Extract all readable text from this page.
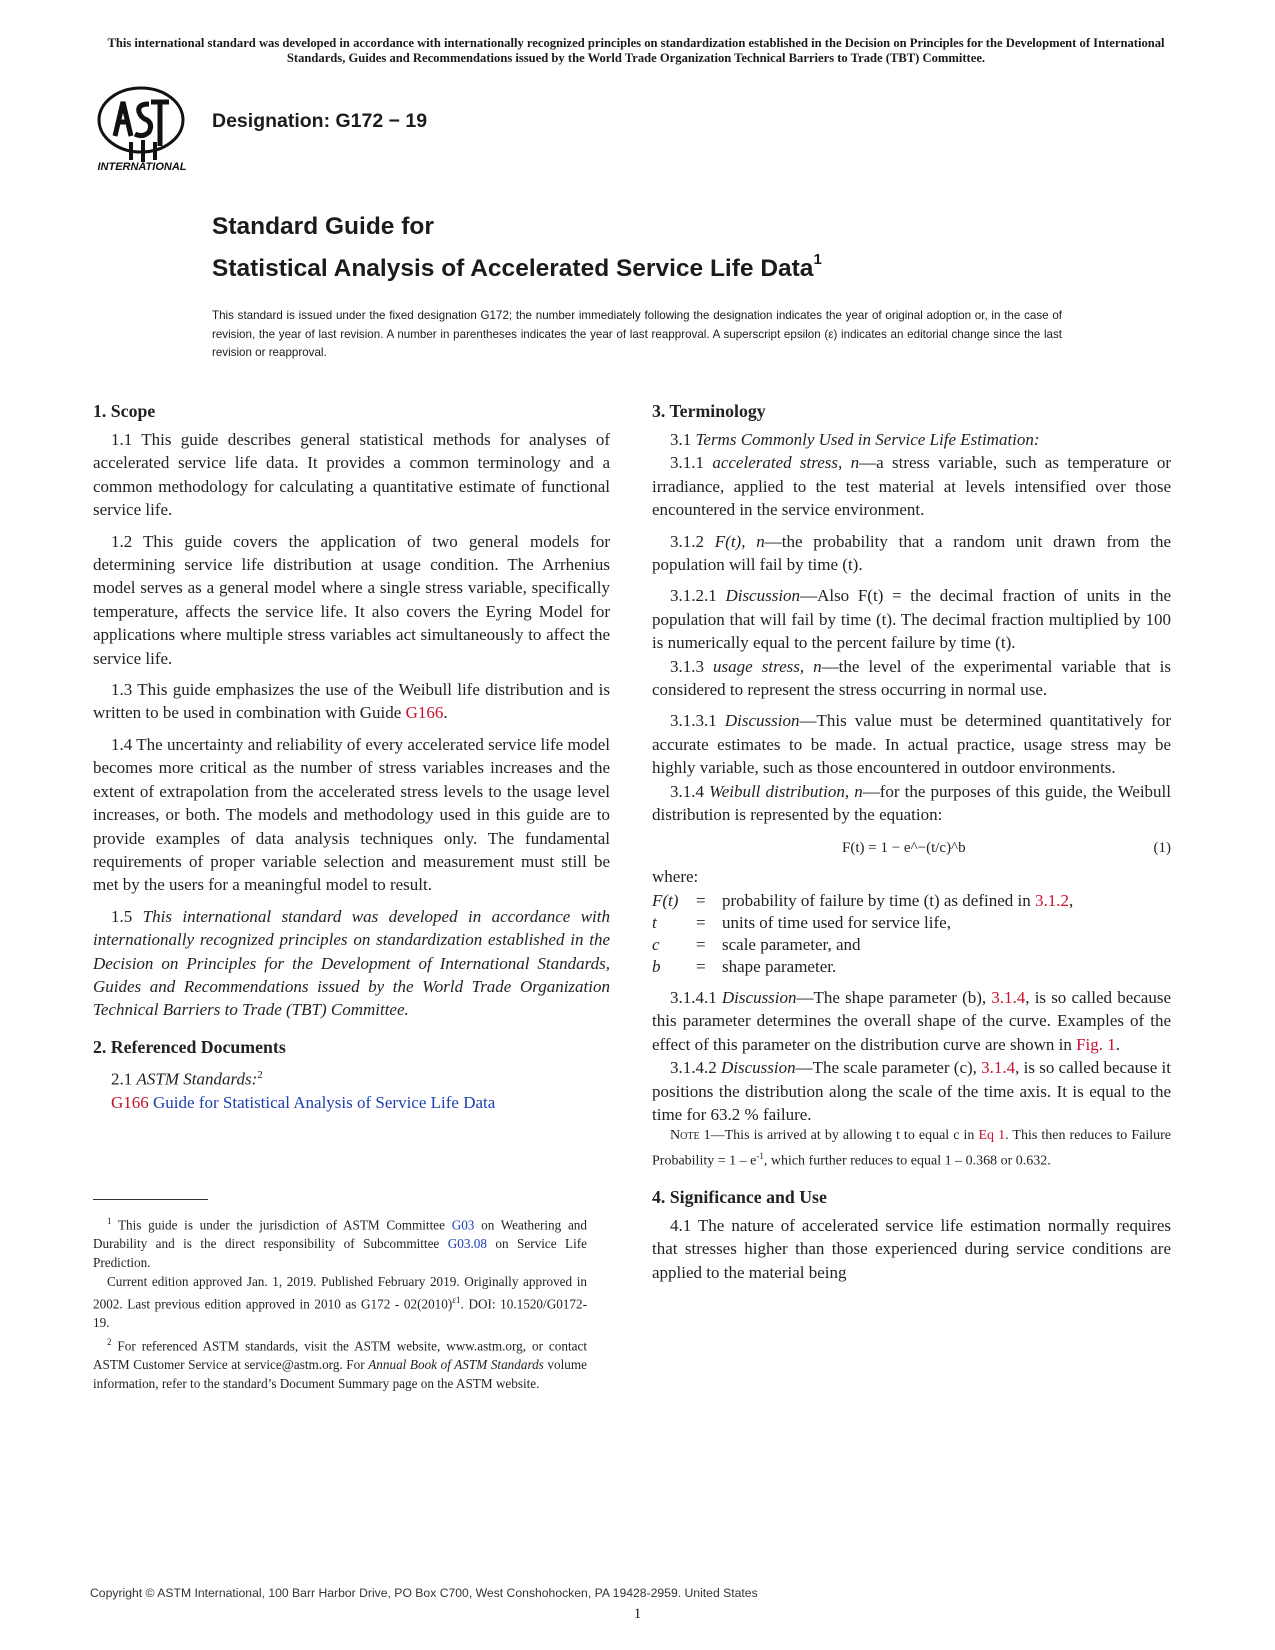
This international standard was developed in accordance with internationally recognized principles on standardization established in the Decision on Principles for the Development of International Standards, Guides and Recommendations issued by the World Trade Organization Technical Barriers to Trade (TBT) Committee.
INTERNATIONAL
Designation: G172 − 19
Standard Guide for
Statistical Analysis of Accelerated Service Life Data$^1$
This standard is issued under the fixed designation G172; the number immediately following the designation indicates the year of original adoption or, in the case of revision, the year of last revision. A number in parentheses indicates the year of last reapproval. A superscript epsilon (ε) indicates an editorial change since the last revision or reapproval.
1. Scope

1.1 This guide describes general statistical methods for analyses of accelerated service life data. It provides a common terminology and a common methodology for calculating a quantitative estimate of functional service life.

1.2 This guide covers the application of two general models for determining service life distribution at usage condition. The Arrhenius model serves as a general model where a single stress variable, specifically temperature, affects the service life. It also covers the Eyring Model for applications where multiple stress variables act simultaneously to affect the service life.

1.3 This guide emphasizes the use of the Weibull life distribution and is written to be used in combination with Guide G166.

1.4 The uncertainty and reliability of every accelerated service life model becomes more critical as the number of stress variables increases and the extent of extrapolation from the accelerated stress levels to the usage level increases, or both. The models and methodology used in this guide are to provide examples of data analysis techniques only. The fundamental requirements of proper variable selection and measurement must still be met by the users for a meaningful model to result.

1.5 This international standard was developed in accordance with internationally recognized principles on standardization established in the Decision on Principles for the Development of International Standards, Guides and Recommendations issued by the World Trade Organization Technical Barriers to Trade (TBT) Committee.

2. Referenced Documents

2.1 ASTM Standards:$^2$

G166 Guide for Statistical Analysis of Service Life Data

$^1$ This guide is under the jurisdiction of ASTM Committee G03 on Weathering and Durability and is the direct responsibility of Subcommittee G03.08 on Service Life Prediction.

Current edition approved Jan. 1, 2019. Published February 2019. Originally approved in 2002. Last previous edition approved in 2010 as $G172 - 02(2010)^{\varepsilon 1}$. DOI: 10.1520/G0172-19.

$^2$ For referenced ASTM standards, visit the ASTM website, www.astm.org, or contact ASTM Customer Service at service@astm.org. For Annual Book of ASTM Standards volume information, refer to the standard’s Document Summary page on the ASTM website.

3. Terminology

3.1 Terms Commonly Used in Service Life Estimation:

3.1.1 accelerated stress, n—a stress variable, such as temperature or irradiance, applied to the test material at levels intensified over those encountered in the service environment.

3.1.2 F(t), n—the probability that a random unit drawn from the population will fail by time (t).

3.1.2.1 Discussion—Also F(t) = the decimal fraction of units in the population that will fail by time (t). The decimal fraction multiplied by 100 is numerically equal to the percent failure by time (t).

3.1.3 usage stress, n—the level of the experimental variable that is considered to represent the stress occurring in normal use.

3.1.3.1 Discussion—This value must be determined quantitatively for accurate estimates to be made. In actual practice, usage stress may be highly variable, such as those encountered in outdoor environments.

3.1.4 Weibull distribution, n—for the purposes of this guide, the Weibull distribution is represented by the equation:

F(t) = 1 − e^−(t/c)^b	(1)

where:

F(t)	= probability of failure by time (t) as defined in 3.1.2,
t	= units of time used for service life,
c	= scale parameter, and
b	= shape parameter.

3.1.4.1 Discussion—The shape parameter (b), 3.1.4, is so called because this parameter determines the overall shape of the curve. Examples of the effect of this parameter on the distribution curve are shown in Fig. 1.

3.1.4.2 Discussion—The scale parameter (c), 3.1.4, is so called because it positions the distribution along the scale of the time axis. It is equal to the time for 63.2 % failure.

Note 1—This is arrived at by allowing t to equal c in Eq 1. This then reduces to Failure Probability = $1 - e^{-1}$, which further reduces to equal 1 – 0.368 or 0.632.

4. Significance and Use

4.1 The nature of accelerated service life estimation normally requires that stresses higher than those experienced during service conditions are applied to the material being

Copyright © ASTM International, 100 Barr Harbor Drive, PO Box C700, West Conshohocken, PA 19428-2959. United States
1
